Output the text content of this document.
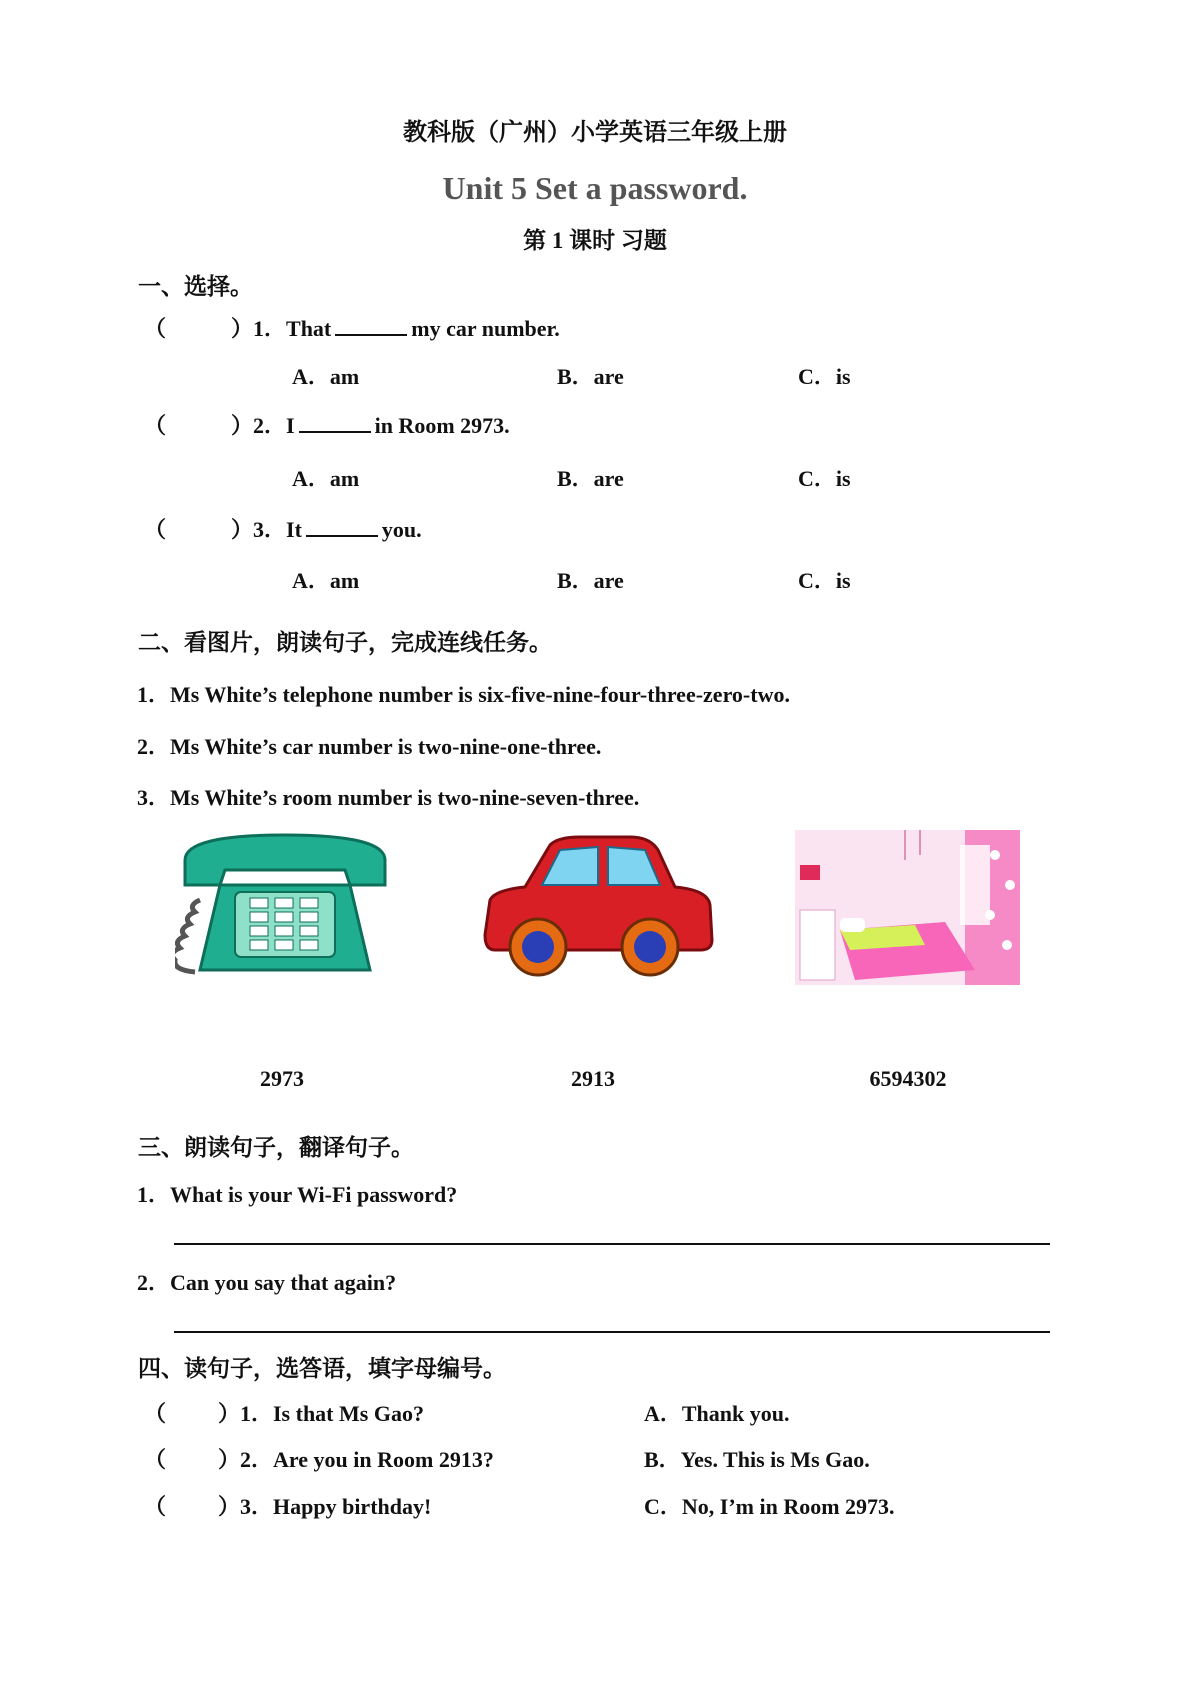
教科版（广州）小学英语三年级上册
Unit 5 Set a password.
第 1 课时 习题
一、选择。
（	）1．That	my car number.
A．am	B．are	C．is
（	）2．I	in Room 2973.
A．am	B．are	C．is
（	）3．It	you.
A．am	B．are	C．is
二、看图片，朗读句子，完成连线任务。
1．Ms White’s telephone number is six-five-nine-four-three-zero-two.
2．Ms White’s car number is two-nine-one-three.
3．Ms White’s room number is two-nine-seven-three.
2973	2913	6594302
三、朗读句子，翻译句子。
1．What is your Wi-Fi password?
2．Can you say that again?
四、读句子，选答语，填字母编号。
（ ）1．Is that Ms Gao?	A．Thank you.
（ ）2．Are you in Room 2913?	B．Yes. This is Ms Gao.
（ ）3．Happy birthday!	C．No, I’m in Room 2973.
